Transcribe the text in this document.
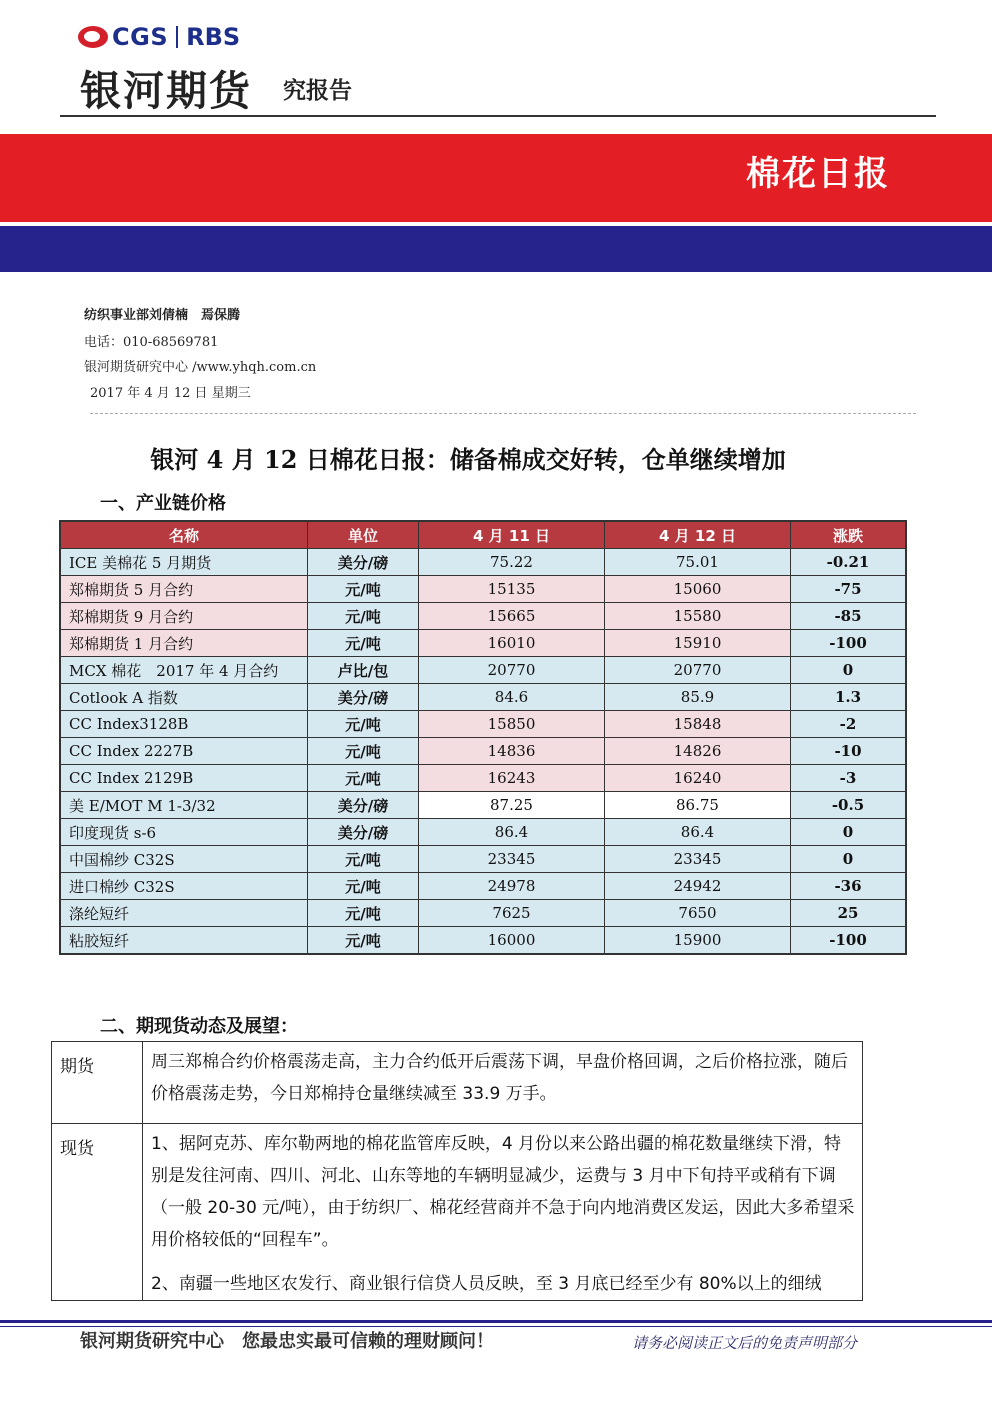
CGS RBS
银河期货 究报告
棉花日报
纺织事业部刘倩楠　焉保腾
电话：010-68569781
银河期货研究中心 /www.yhqh.com.cn
2017 年 4 月 12 日 星期三
银河 4 月 12 日棉花日报：储备棉成交好转，仓单继续增加
一、产业链价格
名称	单位	4 月 11 日	4 月 12 日	涨跌
ICE 美棉花 5 月期货	美分/磅	75.22	75.01	-0.21
郑棉期货 5 月合约	元/吨	15135	15060	-75
郑棉期货 9 月合约	元/吨	15665	15580	-85
郑棉期货 1 月合约	元/吨	16010	15910	-100
MCX 棉花　2017 年 4 月合约	卢比/包	20770	20770	0
Cotlook A 指数	美分/磅	84.6	85.9	1.3
CC Index3128B	元/吨	15850	15848	-2
CC Index 2227B	元/吨	14836	14826	-10
CC Index 2129B	元/吨	16243	16240	-3
美 E/MOT M 1-3/32	美分/磅	87.25	86.75	-0.5
印度现货 s-6	美分/磅	86.4	86.4	0
中国棉纱 C32S	元/吨	23345	23345	0
进口棉纱 C32S	元/吨	24978	24942	-36
涤纶短纤	元/吨	7625	7650	25
粘胶短纤	元/吨	16000	15900	-100
二、期现货动态及展望：
期货	周三郑棉合约价格震荡走高，主力合约低开后震荡下调，早盘价格回调，之后价格拉涨，随后价格震荡走势，今日郑棉持仓量继续减至 33.9 万手。

现货	1、据阿克苏、库尔勒两地的棉花监管库反映，4 月份以来公路出疆的棉花数量继续下滑，特别是发往河南、四川、河北、山东等地的车辆明显减少，运费与 3 月中下旬持平或稍有下调（一般 20-30 元/吨），由于纺织厂、棉花经营商并不急于向内地消费区发运，因此大多希望采用价格较低的“回程车”。

2、南疆一些地区农发行、商业银行信贷人员反映，至 3 月底已经至少有 80%以上的细绒

银河期货研究中心　您最忠实最可信赖的理财顾问！	请务必阅读正文后的免责声明部分
